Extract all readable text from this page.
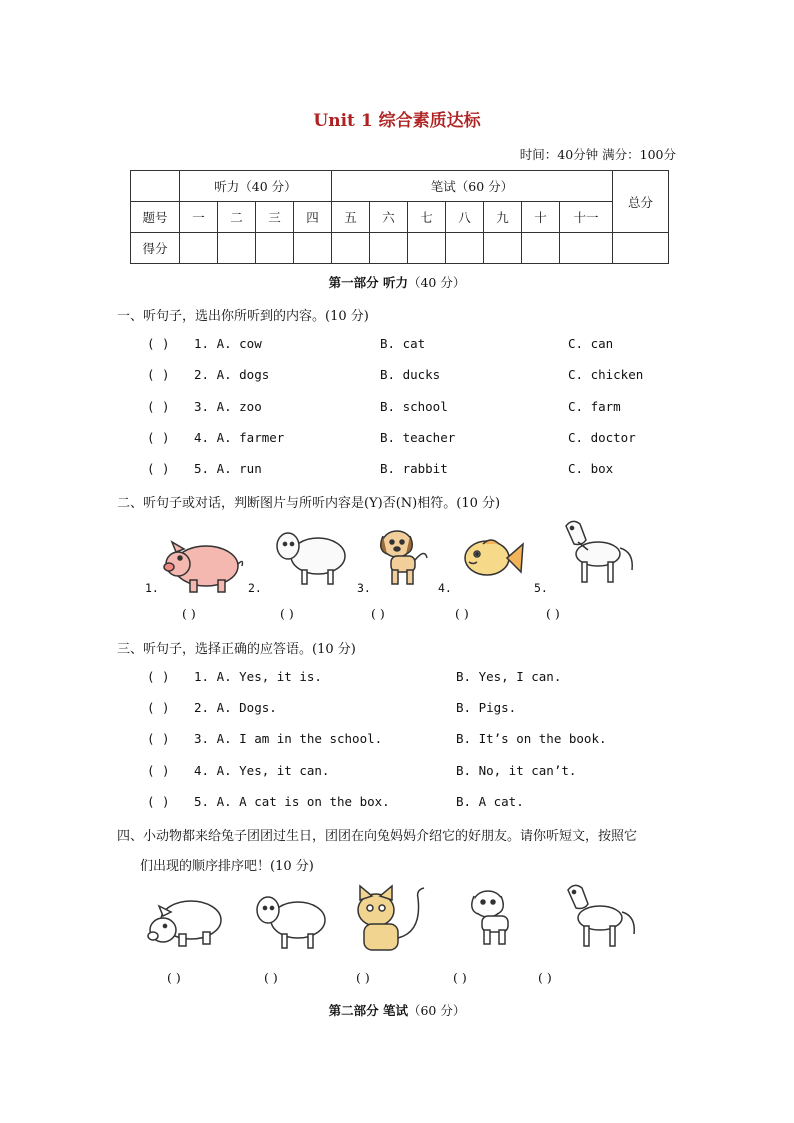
Unit 1 综合素质达标
时间：40分钟 满分：100分
	听力（40 分）				笔试（60 分）							总分
题号	一	二	三	四	五	六	七	八	九	十	十一	
得分												
第一部分 听力（40 分）
一、听句子，选出你所听到的内容。(10 分)
( ) 1. A. cow	B. cat	C. can
( ) 2. A. dogs	B. ducks	C. chicken
( ) 3. A. zoo	B. school	C. farm
( ) 4. A. farmer	B. teacher	C. doctor
( ) 5. A. run	B. rabbit	C. box
二、听句子或对话，判断图片与所听内容是(Y)否(N)相符。(10 分)
1.	2.	3.	4.	5.
( )	( )	( )	( )	( )
三、听句子，选择正确的应答语。(10 分)
( ) 1. A. Yes, it is.	B. Yes, I can.
( ) 2. A. Dogs.	B. Pigs.
( ) 3. A. I am in the school.	B. It’s on the book.
( ) 4. A. Yes, it can.	B. No, it can’t.
( ) 5. A. A cat is on the box.	B. A cat.
四、小动物都来给兔子团团过生日，团团在向兔妈妈介绍它的好朋友。请你听短文，按照它
们出现的顺序排序吧！(10 分)
( )	( )	( )	( )	( )
第二部分 笔试（60 分）
